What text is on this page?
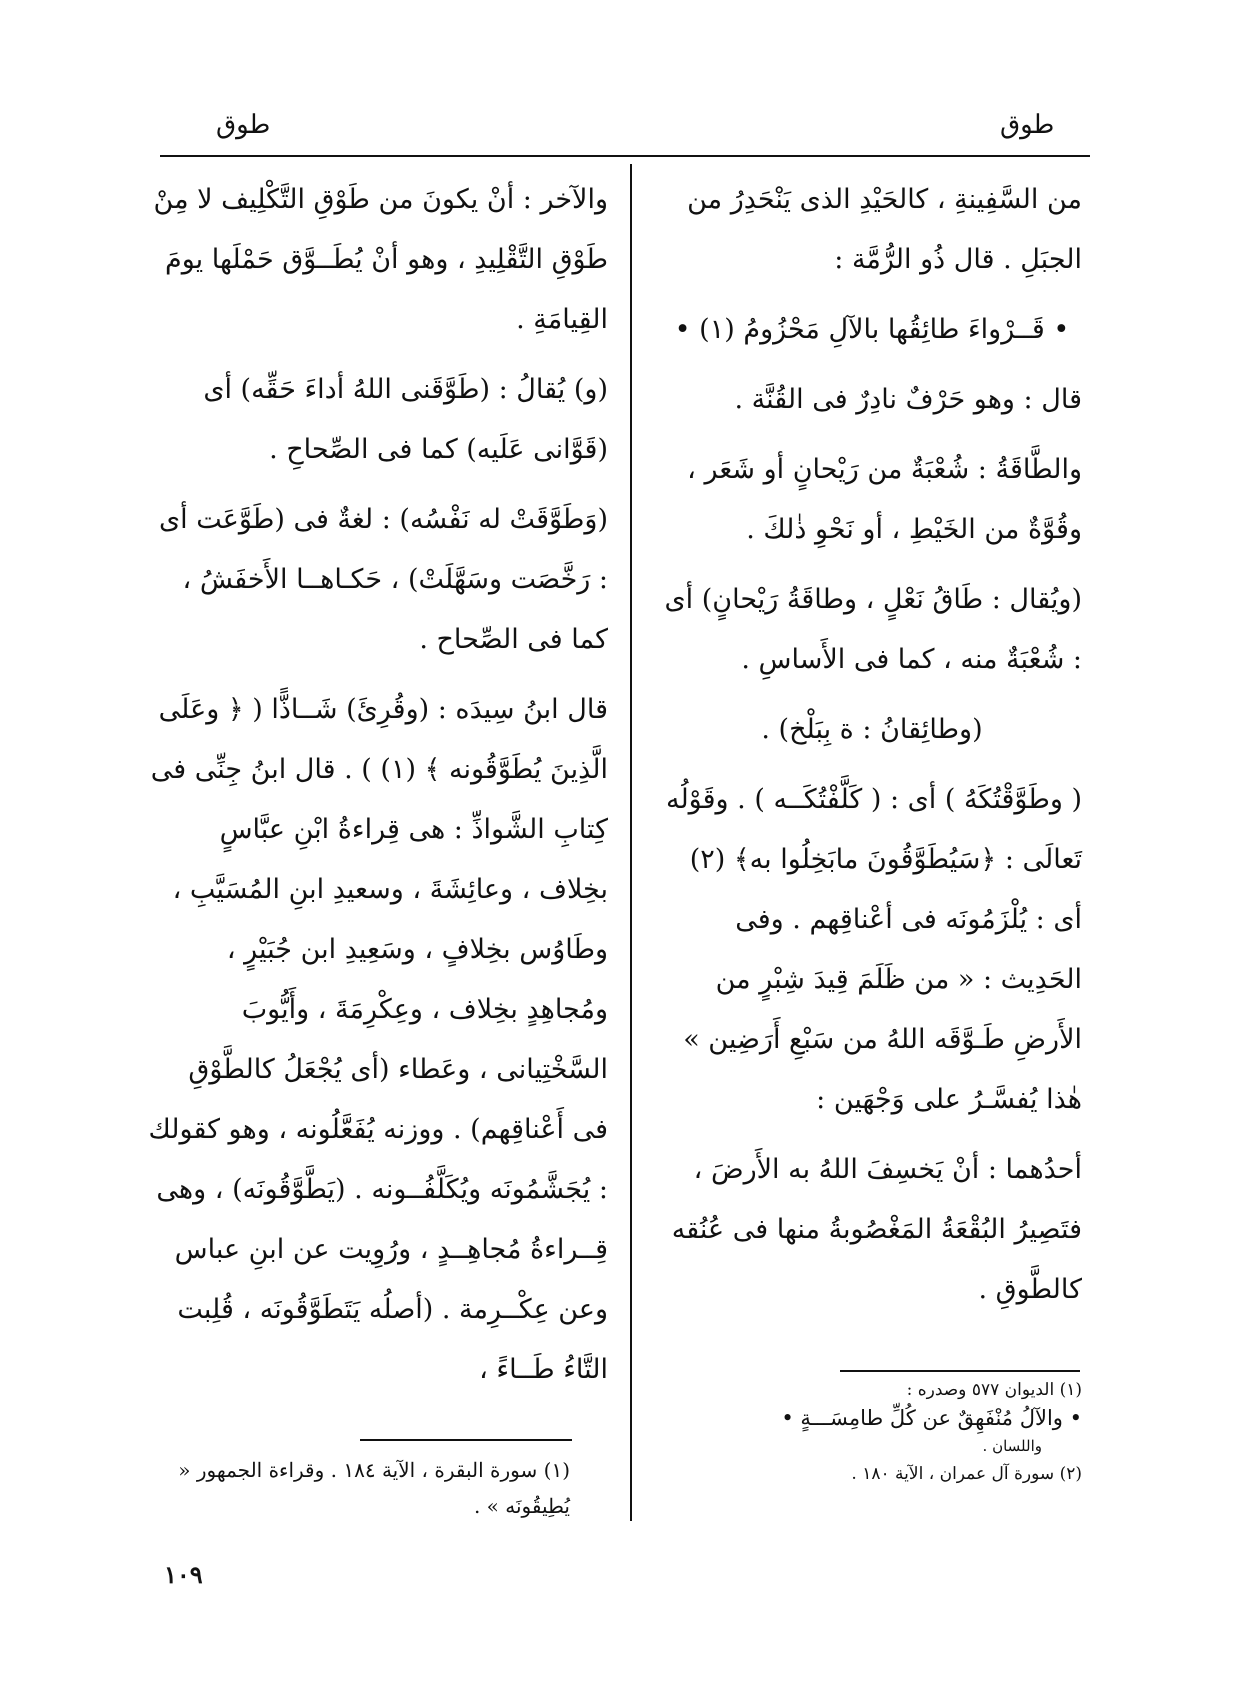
طوق	طوق

من السَّفِينةِ ، كالحَيْدِ الذى يَنْحَدِرُ من الجبَلِ . قال ذُو الرُّمَّة :

• قَــرْواءَ طائِقُها بالآلِ مَحْزُومُ (١) •

قال : وهو حَرْفٌ نادِرٌ فى القُنَّة .

والطَّاقَةُ : شُعْبَةٌ من رَيْحانٍ أو شَعَر ، وقُوَّةٌ من الخَيْطِ ، أو نَحْوِ ذٰلكَ .

(ويُقال : طَاقُ نَعْلٍ ، وطاقَةُ رَيْحانٍ) أى : شُعْبَةٌ منه ، كما فى الأَساسِ .

(وطائِقانُ : ة بِبَلْخ) .

( وطَوَّقْتُكَهُ ) أى : ( كَلَّفْتُكَــه ) . وقَوْلُه تَعالَى : ﴿سَيُطَوَّقُونَ مابَخِلُوا به﴾ (٢) أى : يُلْزَمُونَه فى أعْناقِهم . وفى الحَدِيث : « من ظَلَمَ قِيدَ شِبْرٍ من الأَرضِ طَـوَّقَه اللهُ من سَبْعِ أَرَضِين » هٰذا يُفسَّـرُ على وَجْهَين :

أحدُهما : أنْ يَخسِفَ اللهُ به الأَرضَ ، فتَصِيرُ البُقْعَةُ المَغْصُوبةُ منها فى عُنُقه كالطَّوقِ .

والآخر : أنْ يكونَ من طَوْقِ التَّكْلِيف لا مِنْ طَوْقِ التَّقْلِيدِ ، وهو أنْ يُطَــوَّق حَمْلَها يومَ القِيامَةِ .

(و) يُقالُ : (طَوَّقَنى اللهُ أداءَ حَقِّه) أى (قَوَّانى عَلَيه) كما فى الصِّحاحِ .

(وَطَوَّقَتْ له نَفْسُه) : لغةٌ فى (طَوَّعَت أى : رَخَّصَت وسَهَّلَتْ) ، حَكـاهــا الأَخفَشُ ، كما فى الصِّحاح .

قال ابنُ سِيدَه : (وقُرِئَ) شَــاذًّا ( ﴿ وعَلَى الَّذِينَ يُطَوَّقُونه ﴾ (١) ) . قال ابنُ جِنِّى فى كِتابِ الشَّواذِّ : هى قِراءةُ ابْنِ عبَّاسٍ بخِلاف ، وعائِشَةَ ، وسعيدِ ابنِ المُسَيَّبِ ، وطَاوُس بخِلافٍ ، وسَعِيدِ ابن جُبَيْرٍ ، ومُجاهِدٍ بخِلاف ، وعِكْرِمَةَ ، وأَيُّوبَ السَّخْتِيانى ، وعَطاء (أى يُجْعَلُ كالطَّوْقِ فى أَعْناقِهم) . ووزنه يُفَعَّلُونه ، وهو كقولك : يُجَشَّمُونَه ويُكَلَّفُــونه . (يَطَّوَّقُونَه) ، وهى قِــراءةُ مُجاهِــدٍ ، ورُوِيت عن ابنِ عباس وعن عِكْــرِمة . (أصلُه يَتَطَوَّقُونَه ، قُلِبت التَّاءُ طَــاءً ،

(١) الديوان ٥٧٧ وصدره :
• والآلُ مُنْفَهِقٌ عن كُلِّ طامِسَـــةٍ •
واللسان .
(٢) سورة آل عمران ، الآية ١٨٠ .
(١) سورة البقرة ، الآية ١٨٤ . وقراءة الجمهور « يُطِيقُونَه » .
١٠٩
